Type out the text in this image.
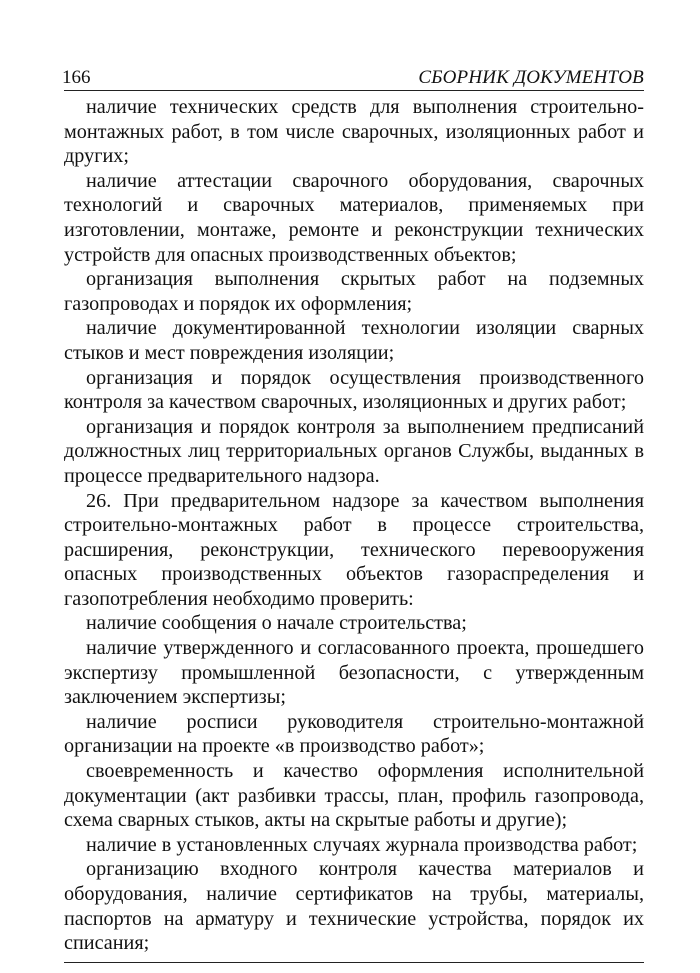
166	СБОРНИК ДОКУМЕНТОВ

наличие технических средств для выполнения строительно-монтажных работ, в том числе сварочных, изоляционных работ и других;

наличие аттестации сварочного оборудования, сварочных технологий и сварочных материалов, применяемых при изготовлении, монтаже, ремонте и реконструкции технических устройств для опасных производственных объектов;

организация выполнения скрытых работ на подземных газопроводах и порядок их оформления;

наличие документированной технологии изоляции сварных стыков и мест повреждения изоляции;

организация и порядок осуществления производственного контроля за качеством сварочных, изоляционных и других работ;

организация и порядок контроля за выполнением предписаний должностных лиц территориальных органов Службы, выданных в процессе предварительного надзора.

26. При предварительном надзоре за качеством выполнения строительно-монтажных работ в процессе строительства, расширения, реконструкции, технического перевооружения опасных производственных объектов газораспределения и газопотребления необходимо проверить:

наличие сообщения о начале строительства;

наличие утвержденного и согласованного проекта, прошедшего экспертизу промышленной безопасности, с утвержденным заключением экспертизы;

наличие росписи руководителя строительно-монтажной организации на проекте «в производство работ»;

своевременность и качество оформления исполнительной документации (акт разбивки трассы, план, профиль газопровода, схема сварных стыков, акты на скрытые работы и другие);

наличие в установленных случаях журнала производства работ;

организацию входного контроля качества материалов и оборудования, наличие сертификатов на трубы, материалы, паспортов на арматуру и технические устройства, порядок их списания;
